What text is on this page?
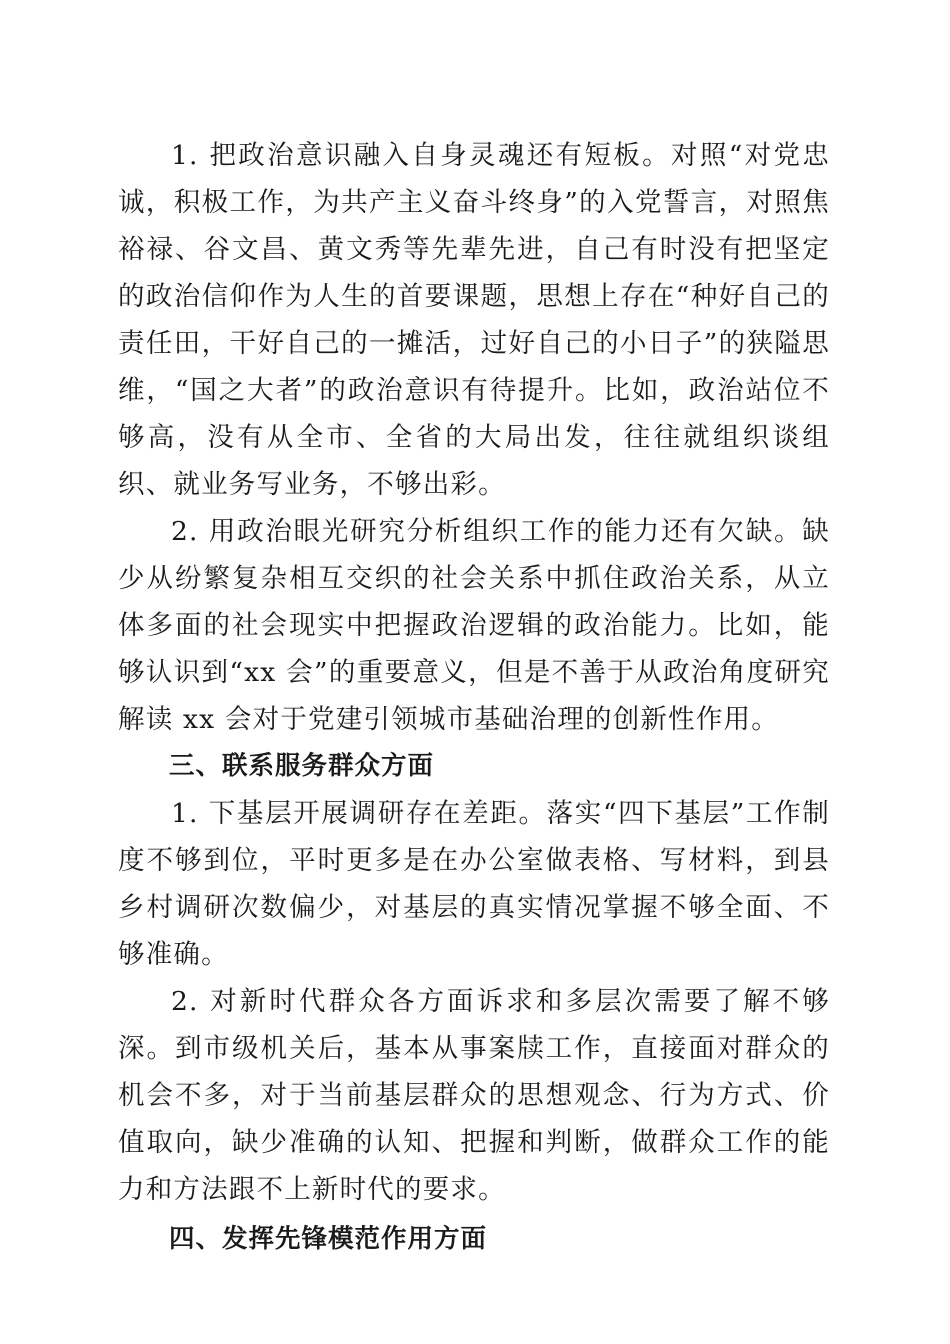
1. 把政治意识融入自身灵魂还有短板。对照“对党忠诚，积极工作，为共产主义奋斗终身”的入党誓言，对照焦裕禄、谷文昌、黄文秀等先辈先进，自己有时没有把坚定的政治信仰作为人生的首要课题，思想上存在“种好自己的责任田，干好自己的一摊活，过好自己的小日子”的狭隘思维，“国之大者”的政治意识有待提升。比如，政治站位不够高，没有从全市、全省的大局出发，往往就组织谈组织、就业务写业务，不够出彩。

2. 用政治眼光研究分析组织工作的能力还有欠缺。缺少从纷繁复杂相互交织的社会关系中抓住政治关系，从立体多面的社会现实中把握政治逻辑的政治能力。比如，能够认识到“xx 会”的重要意义，但是不善于从政治角度研究解读 xx 会对于党建引领城市基础治理的创新性作用。

三、联系服务群众方面

1. 下基层开展调研存在差距。落实“四下基层”工作制度不够到位，平时更多是在办公室做表格、写材料，到县乡村调研次数偏少，对基层的真实情况掌握不够全面、不够准确。

2. 对新时代群众各方面诉求和多层次需要了解不够深。到市级机关后，基本从事案牍工作，直接面对群众的机会不多，对于当前基层群众的思想观念、行为方式、价值取向，缺少准确的认知、把握和判断，做群众工作的能力和方法跟不上新时代的要求。

四、发挥先锋模范作用方面
